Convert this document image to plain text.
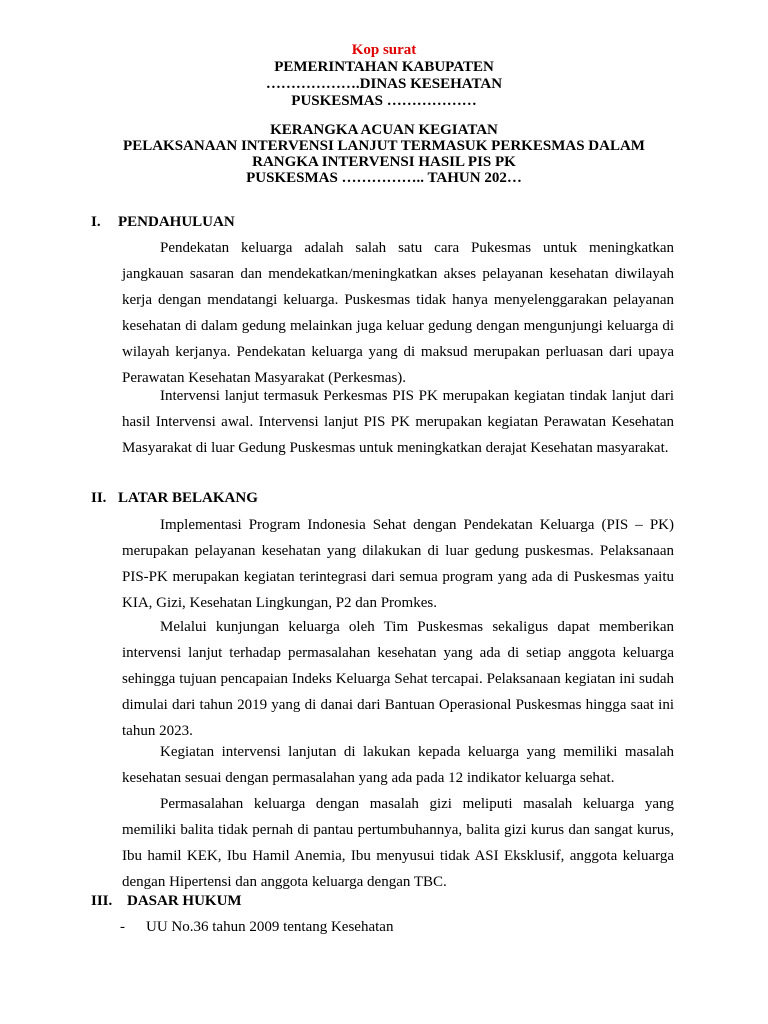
Kop surat
PEMERINTAHAN KABUPATEN
……………….DINAS KESEHATAN
PUSKESMAS ………………
KERANGKA ACUAN KEGIATAN
PELAKSANAAN INTERVENSI LANJUT TERMASUK PERKESMAS DALAM
RANGKA INTERVENSI HASIL PIS PK
PUSKESMAS …………….. TAHUN 202…
I. PENDAHULUAN

Pendekatan keluarga adalah salah satu cara Pukesmas untuk meningkatkan jangkauan sasaran dan mendekatkan/meningkatkan akses pelayanan kesehatan diwilayah kerja dengan mendatangi keluarga. Puskesmas tidak hanya menyelenggarakan pelayanan kesehatan di dalam gedung melainkan juga keluar gedung dengan mengunjungi keluarga di wilayah kerjanya. Pendekatan keluarga yang di maksud merupakan perluasan dari upaya Perawatan Kesehatan Masyarakat (Perkesmas).

Intervensi lanjut termasuk Perkesmas PIS PK merupakan kegiatan tindak lanjut dari hasil Intervensi awal. Intervensi lanjut PIS PK merupakan kegiatan Perawatan Kesehatan Masyarakat di luar Gedung Puskesmas untuk meningkatkan derajat Kesehatan masyarakat.

II. LATAR BELAKANG

Implementasi Program Indonesia Sehat dengan Pendekatan Keluarga (PIS – PK) merupakan pelayanan kesehatan yang dilakukan di luar gedung puskesmas. Pelaksanaan PIS-PK merupakan kegiatan terintegrasi dari semua program yang ada di Puskesmas yaitu KIA, Gizi, Kesehatan Lingkungan, P2 dan Promkes.

Melalui kunjungan keluarga oleh Tim Puskesmas sekaligus dapat memberikan intervensi lanjut terhadap permasalahan kesehatan yang ada di setiap anggota keluarga sehingga tujuan pencapaian Indeks Keluarga Sehat tercapai. Pelaksanaan kegiatan ini sudah dimulai dari tahun 2019 yang di danai dari Bantuan Operasional Puskesmas hingga saat ini tahun 2023.

Kegiatan intervensi lanjutan di lakukan kepada keluarga yang memiliki masalah kesehatan sesuai dengan permasalahan yang ada pada 12 indikator keluarga sehat.

Permasalahan keluarga dengan masalah gizi meliputi masalah keluarga yang memiliki balita tidak pernah di pantau pertumbuhannya, balita gizi kurus dan sangat kurus, Ibu hamil KEK, Ibu Hamil Anemia, Ibu menyusui tidak ASI Eksklusif, anggota keluarga dengan Hipertensi dan anggota keluarga dengan TBC.

III. DASAR HUKUM
- UU No.36 tahun 2009 tentang Kesehatan
